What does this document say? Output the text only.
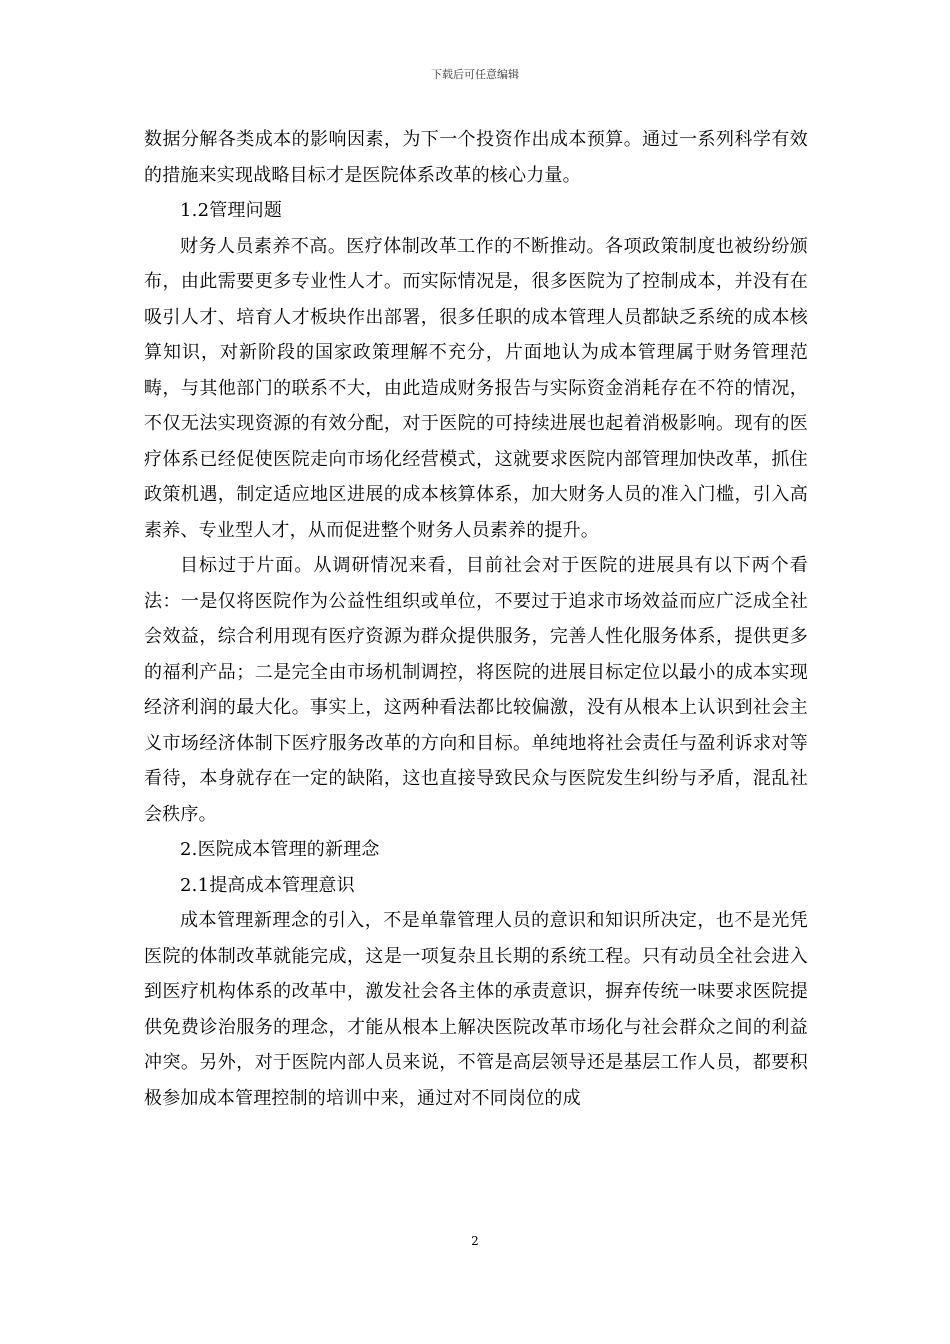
下载后可任意编辑

数据分解各类成本的影响因素，为下一个投资作出成本预算。通过一系列科学有效的措施来实现战略目标才是医院体系改革的核心力量。

1.2管理问题

财务人员素养不高。医疗体制改革工作的不断推动。各项政策制度也被纷纷颁布，由此需要更多专业性人才。而实际情况是，很多医院为了控制成本，并没有在吸引人才、培育人才板块作出部署，很多任职的成本管理人员都缺乏系统的成本核算知识，对新阶段的国家政策理解不充分，片面地认为成本管理属于财务管理范畴，与其他部门的联系不大，由此造成财务报告与实际资金消耗存在不符的情况，不仅无法实现资源的有效分配，对于医院的可持续进展也起着消极影响。现有的医疗体系已经促使医院走向市场化经营模式，这就要求医院内部管理加快改革，抓住政策机遇，制定适应地区进展的成本核算体系，加大财务人员的准入门槛，引入高素养、专业型人才，从而促进整个财务人员素养的提升。

目标过于片面。从调研情况来看，目前社会对于医院的进展具有以下两个看法：一是仅将医院作为公益性组织或单位，不要过于追求市场效益而应广泛成全社会效益，综合利用现有医疗资源为群众提供服务，完善人性化服务体系，提供更多的福利产品；二是完全由市场机制调控，将医院的进展目标定位以最小的成本实现经济利润的最大化。事实上，这两种看法都比较偏激，没有从根本上认识到社会主义市场经济体制下医疗服务改革的方向和目标。单纯地将社会责任与盈利诉求对等看待，本身就存在一定的缺陷，这也直接导致民众与医院发生纠纷与矛盾，混乱社会秩序。

2.医院成本管理的新理念

2.1提高成本管理意识

成本管理新理念的引入，不是单靠管理人员的意识和知识所决定，也不是光凭医院的体制改革就能完成，这是一项复杂且长期的系统工程。只有动员全社会进入到医疗机构体系的改革中，激发社会各主体的承责意识，摒弃传统一味要求医院提供免费诊治服务的理念，才能从根本上解决医院改革市场化与社会群众之间的利益冲突。另外，对于医院内部人员来说，不管是高层领导还是基层工作人员，都要积极参加成本管理控制的培训中来，通过对不同岗位的成

2
